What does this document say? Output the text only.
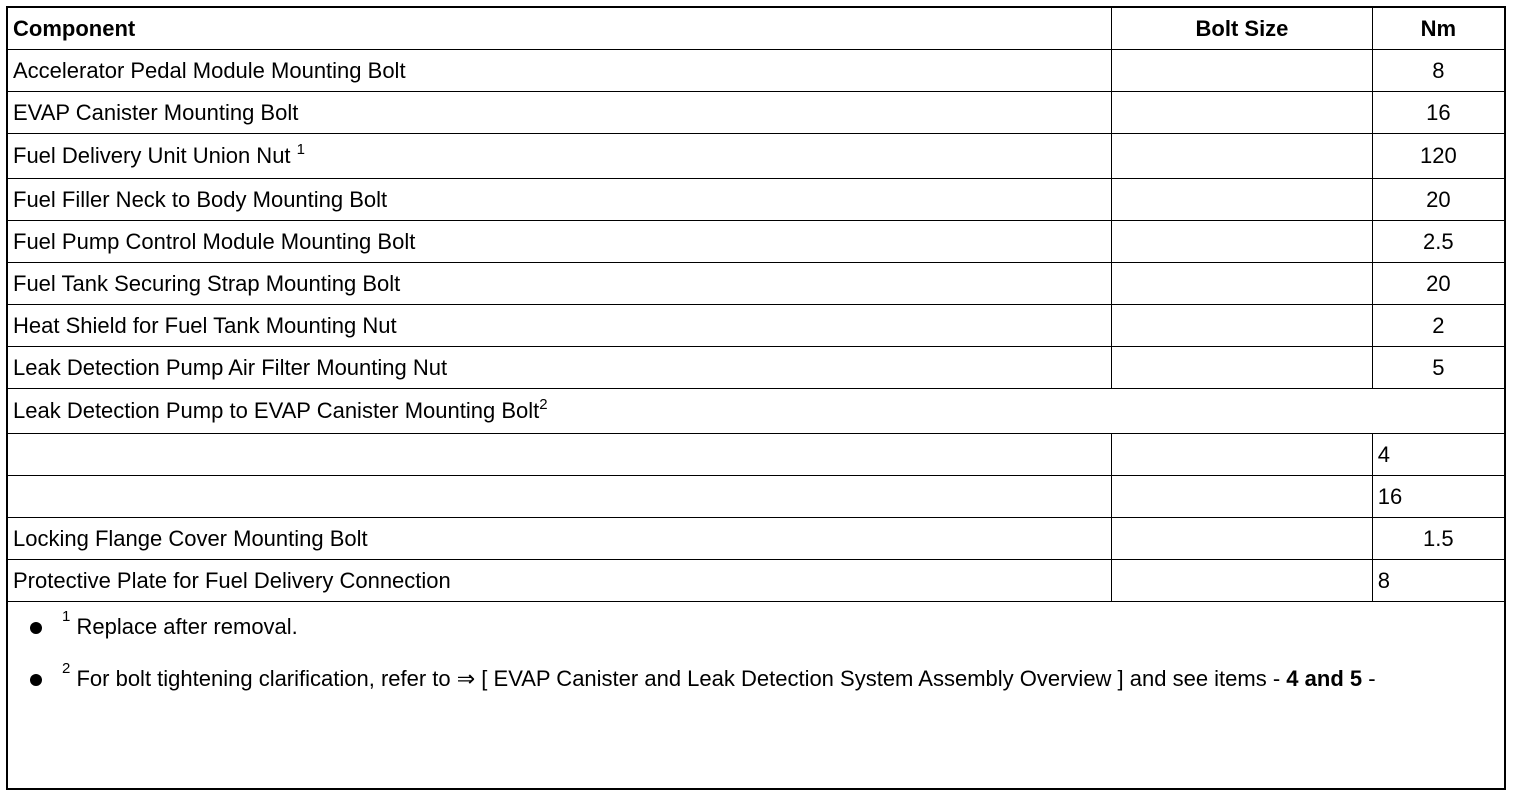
Component	Bolt Size	Nm
Accelerator Pedal Module Mounting Bolt		8
EVAP Canister Mounting Bolt		16
Fuel Delivery Unit Union Nut $^1$		120
Fuel Filler Neck to Body Mounting Bolt		20
Fuel Pump Control Module Mounting Bolt		2.5
Fuel Tank Securing Strap Mounting Bolt		20
Heat Shield for Fuel Tank Mounting Nut		2
Leak Detection Pump Air Filter Mounting Nut		5
Leak Detection Pump to EVAP Canister Mounting Bolt$^2$
		4
		16
Locking Flange Cover Mounting Bolt		1.5
Protective Plate for Fuel Delivery Connection		8
$^1$ Replace after removal.
$^2$ For bolt tightening clarification, refer to ⇒ [ EVAP Canister and Leak Detection System Assembly Overview ] and see items - 4 and 5 -
